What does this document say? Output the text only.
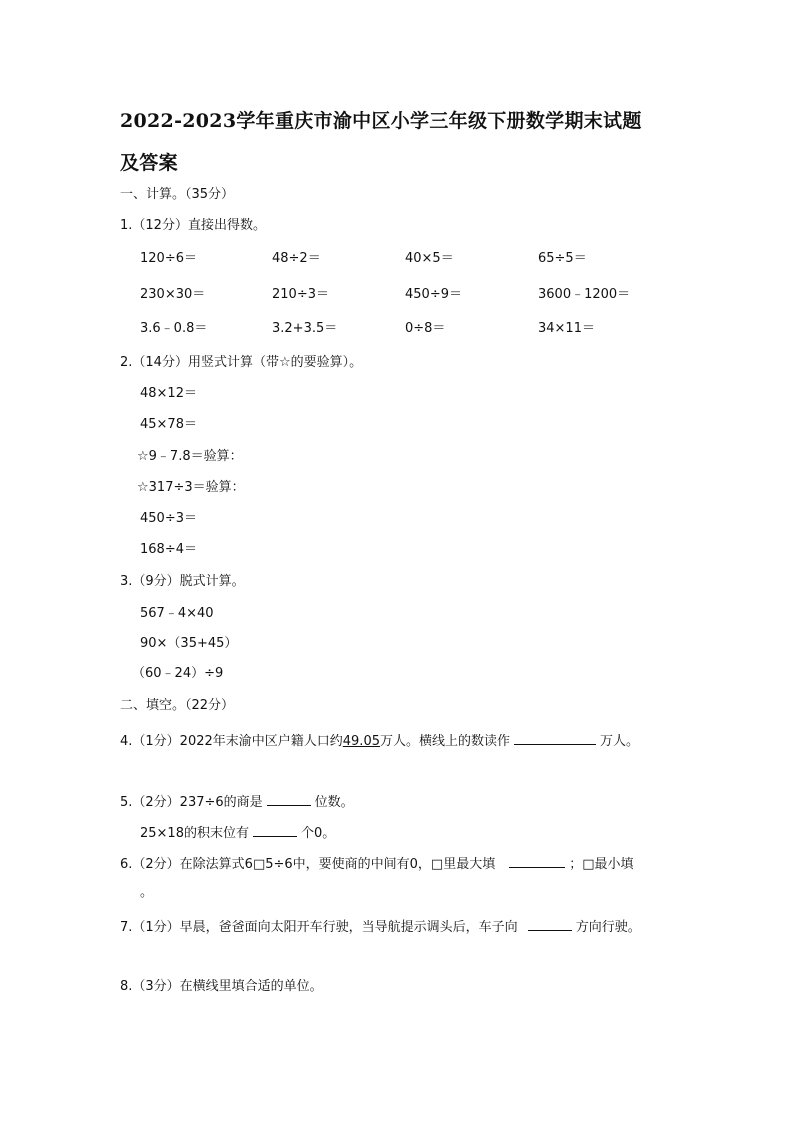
2022-2023学年重庆市渝中区小学三年级下册数学期末试题
及答案
一、计算。（35分）
1.（12分）直接出得数。
120÷6＝	48÷2＝	40×5＝	65÷5＝
230×30＝	210÷3＝	450÷9＝	3600﹣1200＝
3.6﹣0.8＝	3.2+3.5＝	0÷8＝	34×11＝
2.（14分）用竖式计算（带☆的要验算）。
48×12＝
45×78＝
☆9﹣7.8＝验算：
☆317÷3＝验算：
450÷3＝
168÷4＝
3.（9分）脱式计算。
567﹣4×40
90×（35+45）
（60﹣24）÷9
二、填空。（22分）
4.（1分）2022年末渝中区户籍人口约49.05万人。横线上的数读作	万人。
5.（2分）237÷6的商是	位数。
25×18的积末位有	个0。
6.（2分）在除法算式6□5÷6中，要使商的中间有0，□里最大填	；□最小填
。
7.（1分）早晨，爸爸面向太阳开车行驶，当导航提示调头后，车子向	方向行驶。
8.（3分）在横线里填合适的单位。
